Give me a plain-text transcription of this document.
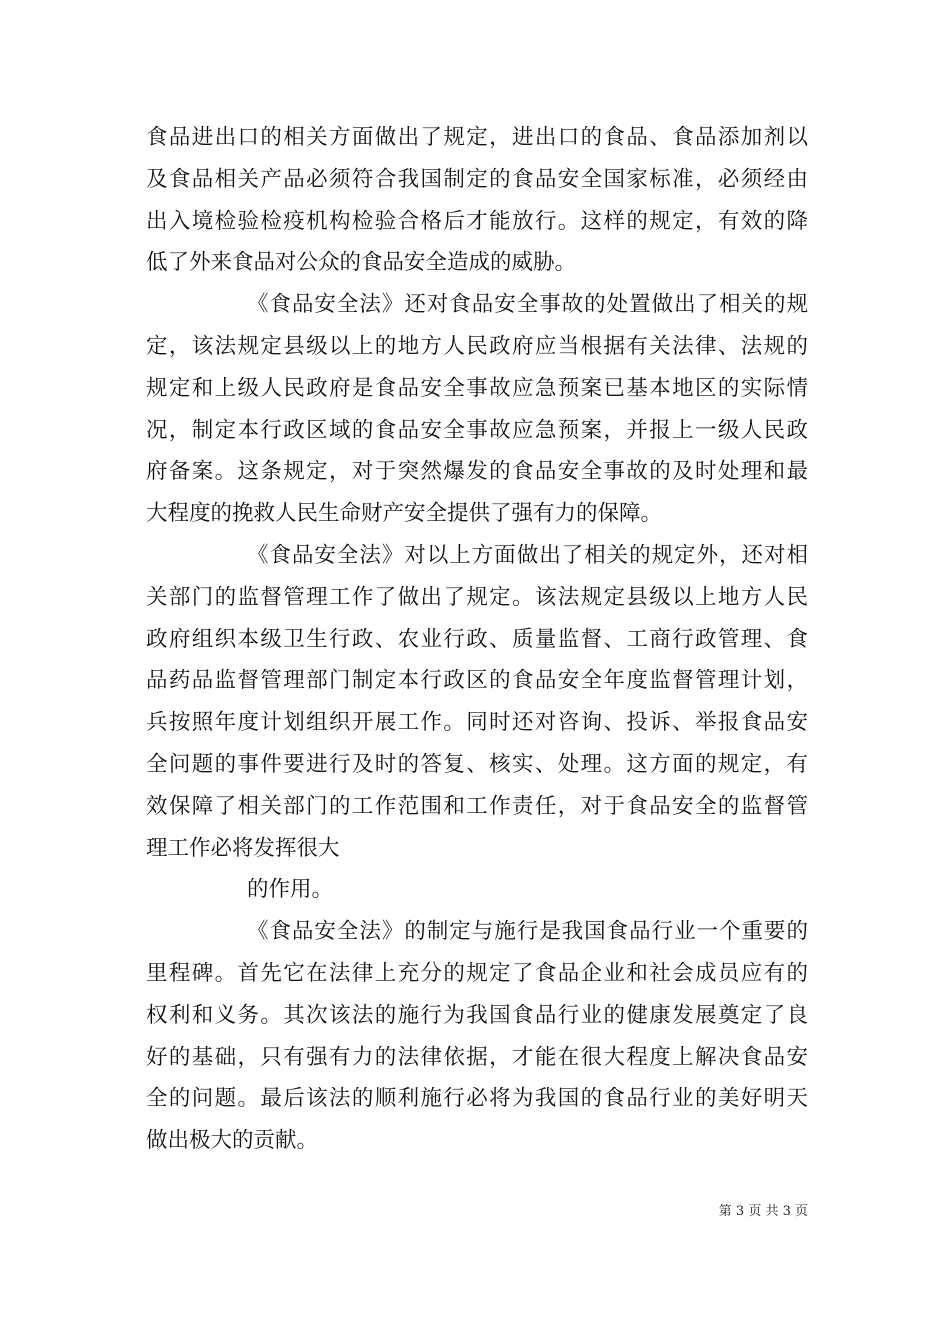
食品进出口的相关方面做出了规定，进出口的食品、食品添加剂以
及食品相关产品必须符合我国制定的食品安全国家标准，必须经由
出入境检验检疫机构检验合格后才能放行。这样的规定，有效的降
低了外来食品对公众的食品安全造成的威胁。
《食品安全法》还对食品安全事故的处置做出了相关的规
定，该法规定县级以上的地方人民政府应当根据有关法律、法规的
规定和上级人民政府是食品安全事故应急预案已基本地区的实际情
况，制定本行政区域的食品安全事故应急预案，并报上一级人民政
府备案。这条规定，对于突然爆发的食品安全事故的及时处理和最
大程度的挽救人民生命财产安全提供了强有力的保障。
《食品安全法》对以上方面做出了相关的规定外，还对相
关部门的监督管理工作了做出了规定。该法规定县级以上地方人民
政府组织本级卫生行政、农业行政、质量监督、工商行政管理、食
品药品监督管理部门制定本行政区的食品安全年度监督管理计划，
兵按照年度计划组织开展工作。同时还对咨询、投诉、举报食品安
全问题的事件要进行及时的答复、核实、处理。这方面的规定，有
效保障了相关部门的工作范围和工作责任，对于食品安全的监督管
理工作必将发挥很大
的作用。
《食品安全法》的制定与施行是我国食品行业一个重要的
里程碑。首先它在法律上充分的规定了食品企业和社会成员应有的
权利和义务。其次该法的施行为我国食品行业的健康发展奠定了良
好的基础，只有强有力的法律依据，才能在很大程度上解决食品安
全的问题。最后该法的顺利施行必将为我国的食品行业的美好明天
做出极大的贡献。
第 3 页 共 3 页
